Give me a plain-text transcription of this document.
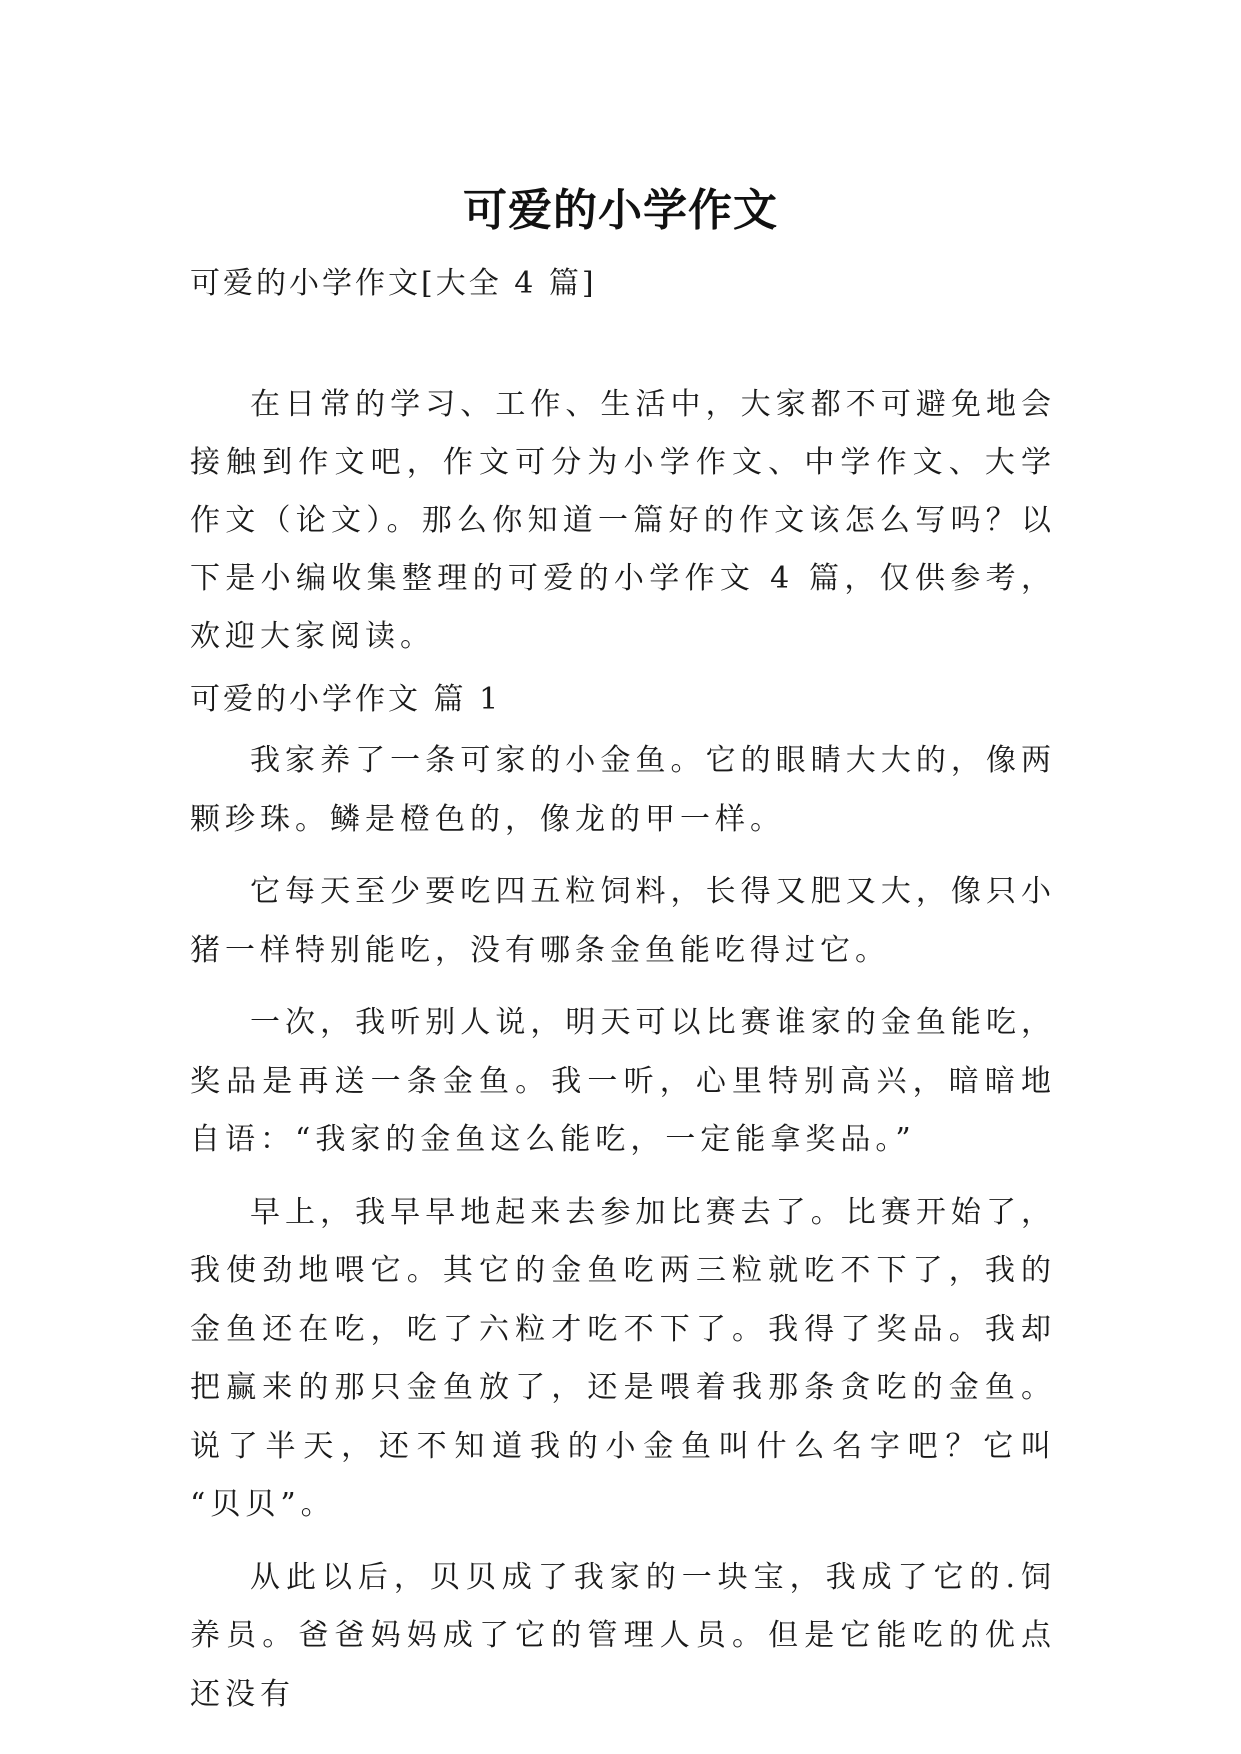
可爱的小学作文

可爱的小学作文[大全 4 篇]

在日常的学习、工作、生活中，大家都不可避免地会接触到作文吧，作文可分为小学作文、中学作文、大学作文（论文）。那么你知道一篇好的作文该怎么写吗？以下是小编收集整理的可爱的小学作文 4 篇，仅供参考，欢迎大家阅读。

可爱的小学作文 篇 1

我家养了一条可家的小金鱼。它的眼睛大大的，像两颗珍珠。鳞是橙色的，像龙的甲一样。

它每天至少要吃四五粒饲料，长得又肥又大，像只小猪一样特别能吃，没有哪条金鱼能吃得过它。

一次，我听别人说，明天可以比赛谁家的金鱼能吃，奖品是再送一条金鱼。我一听，心里特别高兴，暗暗地自语：“我家的金鱼这么能吃，一定能拿奖品。”

早上，我早早地起来去参加比赛去了。比赛开始了，我使劲地喂它。其它的金鱼吃两三粒就吃不下了，我的金鱼还在吃，吃了六粒才吃不下了。我得了奖品。我却把赢来的那只金鱼放了，还是喂着我那条贪吃的金鱼。说了半天，还不知道我的小金鱼叫什么名字吧？它叫 “贝贝”。

从此以后，贝贝成了我家的一块宝，我成了它的.饲养员。爸爸妈妈成了它的管理人员。但是它能吃的优点还没有
